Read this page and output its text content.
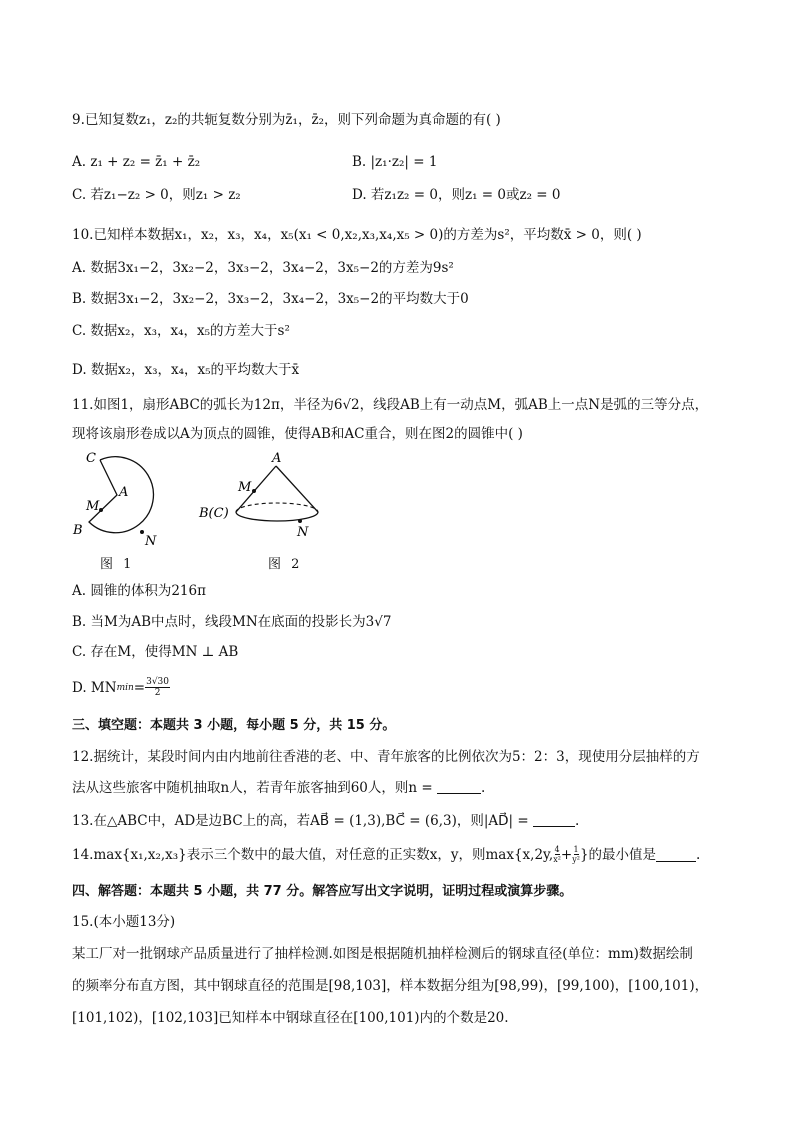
9.已知复数z₁，z₂的共轭复数分别为z̄₁，z̄₂，则下列命题为真命题的有( )
A. z₁ + z₂ = z̄₁ + z̄₂	B. |z₁·z₂| = 1
C. 若z₁−z₂ > 0，则z₁ > z₂	D. 若z₁z₂ = 0，则z₁ = 0或z₂ = 0
10.已知样本数据x₁，x₂，x₃，x₄，x₅(x₁ < 0,x₂,x₃,x₄,x₅ > 0)的方差为s²，平均数x̄ > 0，则( )
A. 数据3x₁−2，3x₂−2，3x₃−2，3x₄−2，3x₅−2的方差为9s²
B. 数据3x₁−2，3x₂−2，3x₃−2，3x₄−2，3x₅−2的平均数大于0
C. 数据x₂，x₃，x₄，x₅的方差大于s²
D. 数据x₂，x₃，x₄，x₅的平均数大于x̄
11.如图1，扇形ABC的弧长为12π，半径为6√2，线段AB上有一动点M，弧AB上一点N是弧的三等分点，
现将该扇形卷成以A为顶点的圆锥，使得AB和AC重合，则在图2的圆锥中( )
C
A
M
B
N
图 1
A
M
B(C)
N
图 2
A. 圆锥的体积为216π
B. 当M为AB中点时，线段MN在底面的投影长为3√7
C. 存在M，使得MN ⊥ AB
D. MN $\min = \frac{3√30}{2}$
三、填空题：本题共 3 小题，每小题 5 分，共 15 分。
12.据统计，某段时间内由内地前往香港的老、中、青年旅客的比例依次为5：2：3，现使用分层抽样的方
法从这些旅客中随机抽取n人，若青年旅客抽到60人，则n =	.
13.在△ABC中，AD是边BC上的高，若AB⃗ = (1,3),BC⃗ = (6,3)，则|AD⃗| =	.
14.max{x₁,x₂,x₃}表示三个数中的最大值，对任意的正实数x，y，则max{x,2y, $\frac{4}{\text{x²}} + \frac{1}{\text{y²}}$ }的最小值是	.
四、解答题：本题共 5 小题，共 77 分。解答应写出文字说明，证明过程或演算步骤。
15.(本小题13分)
某工厂对一批钢球产品质量进行了抽样检测.如图是根据随机抽样检测后的钢球直径(单位：mm)数据绘制
的频率分布直方图，其中钢球直径的范围是[98,103]，样本数据分组为[98,99)，[99,100)，[100,101)，
[101,102)，[102,103]已知样本中钢球直径在[100,101)内的个数是20.
